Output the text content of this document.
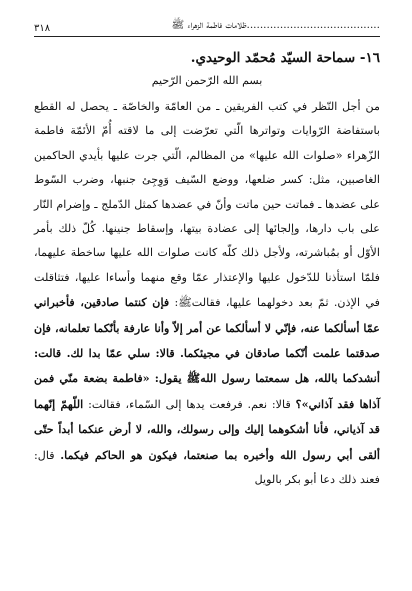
........................................ظلامات فاطمة الزهراء ﷺ
٣١٨
١٦- سماحة السيّد مُحمّد الوحيدي.
بسم الله الرّحمن الرّحيم

من أجل النّظر في كتب الفريقين ـ من العامّة والخاصّة ـ يحصل له القطع باستفاضة الرّوايات وتواترها الّتي تعرّضت إلى ما لاقته أُمّ الأئمّة فاطمة الزّهراء «صلوات الله عليها» من المظالم، الّتي جرت عليها بأيدي الحاكمين الغاصبين، مثل: كسر ضلعها، ووضع السّيف وَوِجِئ جنبها، وضرب السّوط على عضدها ـ فماتت حين ماتت وأنّ في عضدها كمثل الدّملج ـ وإضرام النّار على باب دارها، وإلجائها إلى عضادة بيتها، وإسقاط جنينها. كُلّ ذلك بأمر الأوّل أو بمُباشرته، ولأجل ذلك كلّه كانت صلوات الله عليها ساخطة عليهما، فلمّا استأذنا للدّخول عليها والإعتذار عمّا وقع منهما وأساءا عليها، فتثاقلت في الإذن. ثمّ بعد دخولهما عليها، فقالتﷺ: فإن كنتما صادقين، فأخبراني عمّا أسألكما عنه، فإنّي لا أسألكما عن أمر إلاّ وأنا عارفة بأنّكما تعلمانه، فإن صدقتما علمت أنّكما صادقان في مجيئكما. قالا: سلي عمّا بدا لك. قالت: أنشدكما بالله، هل سمعتما رسول اللهﷺ يقول: «فاطمة بضعة منّي فمن آذاها فقد آذاني»؟ قالا: نعم. فرفعت يدها إلى السّماء، فقالت: اللّهمّ إنّهما قد آذياني، فأنا أشكوهما إليك وإلى رسولك، والله، لا أرض عنكما أبداً حتّى ألقى أبي رسول الله وأخبره بما صنعتما، فيكون هو الحاكم فيكما. قال: فعند ذلك دعا أبو بكر بالويل
